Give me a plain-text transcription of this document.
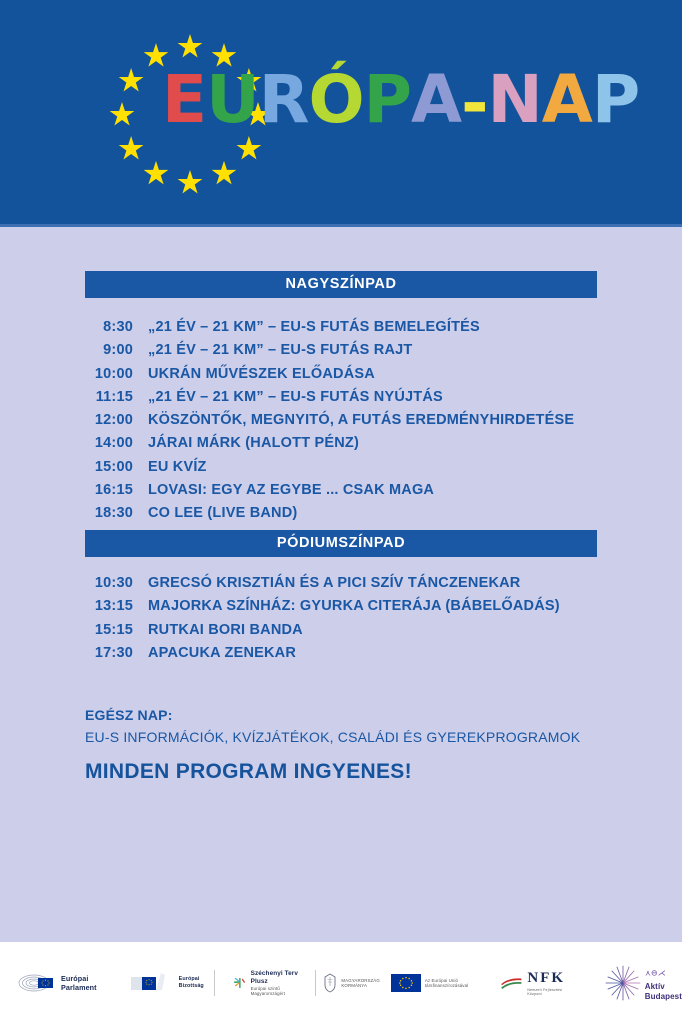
EURÓPA-NAP
NAGYSZÍNPAD
8:30 „21 ÉV – 21 KM” – EU-S FUTÁS BEMELEGÍTÉS
9:00 „21 ÉV – 21 KM” – EU-S FUTÁS RAJT
10:00 UKRÁN MŰVÉSZEK ELŐADÁSA
11:15 „21 ÉV – 21 KM” – EU-S FUTÁS NYÚJTÁS
12:00 KÖSZÖNTŐK, MEGNYITÓ, A FUTÁS EREDMÉNYHIRDETÉSE
14:00 JÁRAI MÁRK (HALOTT PÉNZ)
15:00 EU KVÍZ
16:15 LOVASI: EGY AZ EGYBE ... CSAK MAGA
18:30 CO LEE (LIVE BAND)
PÓDIUMSZÍNPAD
10:30 GRECSÓ KRISZTIÁN ÉS A PICI SZÍV TÁNCZENEKAR
13:15 MAJORKA SZÍNHÁZ: GYURKA CITERÁJA (BÁBELŐADÁS)
15:15 RUTKAI BORI BANDA
17:30 APACUKA ZENEKAR
EGÉSZ NAP:
EU-S INFORMÁCIÓK, KVÍZJÁTÉKOK, CSALÁDI ÉS GYEREKPROGRAMOK
MINDEN PROGRAM INGYENES!
Európai
Parlament
Európai
Bizottság
Széchenyi Terv
Plusz
Európai szintű Magyarországért
MAGYARORSZÁG
KORMÁNYA
Az Európai Unió
társfinanszírozásával	NFK
Nemzeti Fejlesztési Központ
⋏⊖⋌
Aktív
Budapest
